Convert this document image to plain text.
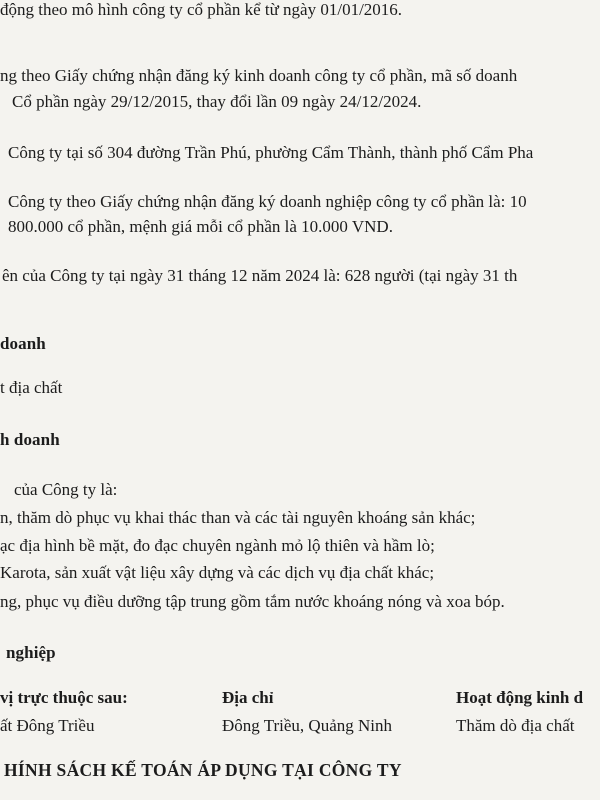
động theo mô hình công ty cổ phần kể từ ngày 01/01/2016.
ng theo Giấy chứng nhận đăng ký kinh doanh công ty cổ phần, mã số doanh
Cổ phần ngày 29/12/2015, thay đổi lần 09 ngày 24/12/2024.
Công ty tại số 304 đường Trần Phú, phường Cẩm Thành, thành phố Cẩm Pha
Công ty theo Giấy chứng nhận đăng ký doanh nghiệp công ty cổ phần là: 10
800.000 cổ phần, mệnh giá mỗi cổ phần là 10.000 VND.
ên của Công ty tại ngày 31 tháng 12 năm 2024 là: 628 người (tại ngày 31 th
doanh
t địa chất
h doanh
của Công ty là:
n, thăm dò phục vụ khai thác than và các tài nguyên khoáng sản khác;
ạc địa hình bề mặt, đo đạc chuyên ngành mỏ lộ thiên và hầm lò;
Karota, sản xuất vật liệu xây dựng và các dịch vụ địa chất khác;
ng, phục vụ điều dưỡng tập trung gồm tắm nước khoáng nóng và xoa bóp.
nghiệp
vị trực thuộc sau:	Địa chỉ	Hoạt động kinh d
ất Đông Triều	Đông Triều, Quảng Ninh	Thăm dò địa chất
HÍNH SÁCH KẾ TOÁN ÁP DỤNG TẠI CÔNG TY
